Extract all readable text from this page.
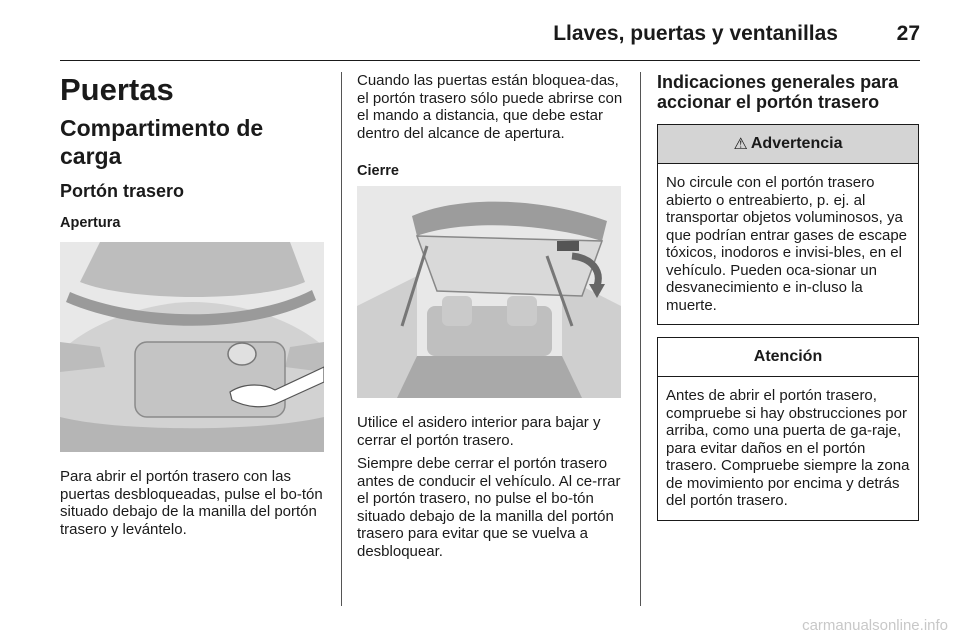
Llaves, puertas y ventanillas	27
Puertas
Compartimento de carga
Portón trasero
Apertura

Para abrir el portón trasero con las puertas desbloqueadas, pulse el bo-tón situado debajo de la manilla del portón trasero y levántelo.

Cuando las puertas están bloquea-das, el portón trasero sólo puede abrirse con el mando a distancia, que debe estar dentro del alcance de apertura.

Cierre

Utilice el asidero interior para bajar y cerrar el portón trasero.

Siempre debe cerrar el portón trasero antes de conducir el vehículo. Al ce-rrar el portón trasero, no pulse el bo-tón situado debajo de la manilla del portón trasero para evitar que se vuelva a desbloquear.

Indicaciones generales para accionar el portón trasero
⚠ Advertencia

No circule con el portón trasero abierto o entreabierto, p. ej. al transportar objetos voluminosos, ya que podrían entrar gases de escape tóxicos, inodoros e invisi-bles, en el vehículo. Pueden oca-sionar un desvanecimiento e in-cluso la muerte.

Atención

Antes de abrir el portón trasero, compruebe si hay obstrucciones por arriba, como una puerta de ga-raje, para evitar daños en el portón trasero. Compruebe siempre la zona de movimiento por encima y detrás del portón trasero.

carmanualsonline.info
